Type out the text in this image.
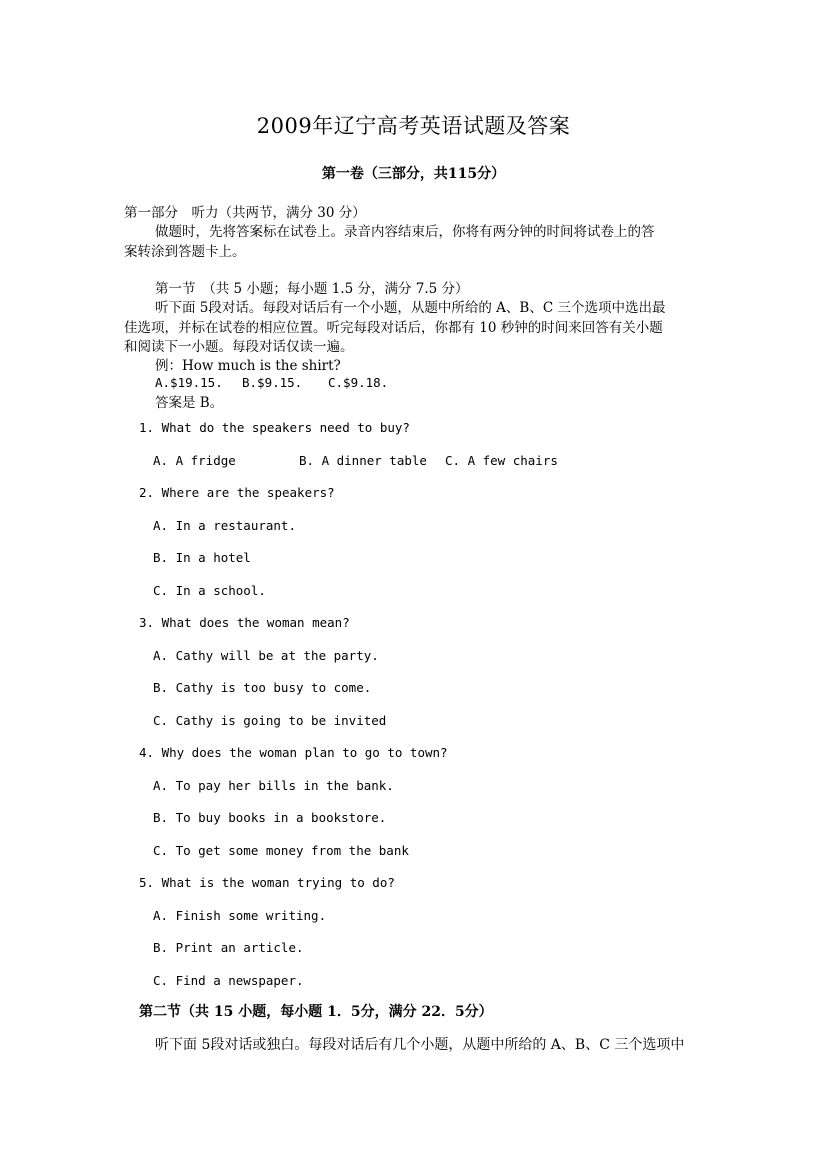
2009年辽宁高考英语试题及答案
第一卷（三部分，共115分）
第一部分　听力（共两节，满分 30 分）
做题时，先将答案标在试卷上。录音内容结束后，你将有两分钟的时间将试卷上的答
案转涂到答题卡上。
第一节　（共 5 小题；每小题 1.5 分，满分 7.5 分）
听下面 5段对话。每段对话后有一个小题，从题中所给的 A、B、C 三个选项中选出最
佳选项，并标在试卷的相应位置。听完每段对话后，你都有 10 秒钟的时间来回答有关小题
和阅读下一小题。每段对话仅读一遍。
例：How much is the shirt?
A.$19.15. B.$9.15. C.$9.18.
答案是 B。
1. What do the speakers need to buy?
A. A fridge	B. A dinner table C. A few chairs
2. Where are the speakers?
A. In a restaurant.
B. In a hotel
C. In a school.
3. What does the woman mean?
A. Cathy will be at the party.
B. Cathy is too busy to come.
C. Cathy is going to be invited
4. Why does the woman plan to go to town?
A. To pay her bills in the bank.
B. To buy books in a bookstore.
C. To get some money from the bank
5. What is the woman trying to do?
A. Finish some writing.
B. Print an article.
C. Find a newspaper.
第二节（共 15 小题，每小题 1．5分，满分 22．5分）
听下面 5段对话或独白。每段对话后有几个小题，从题中所给的 A、B、C 三个选项中
